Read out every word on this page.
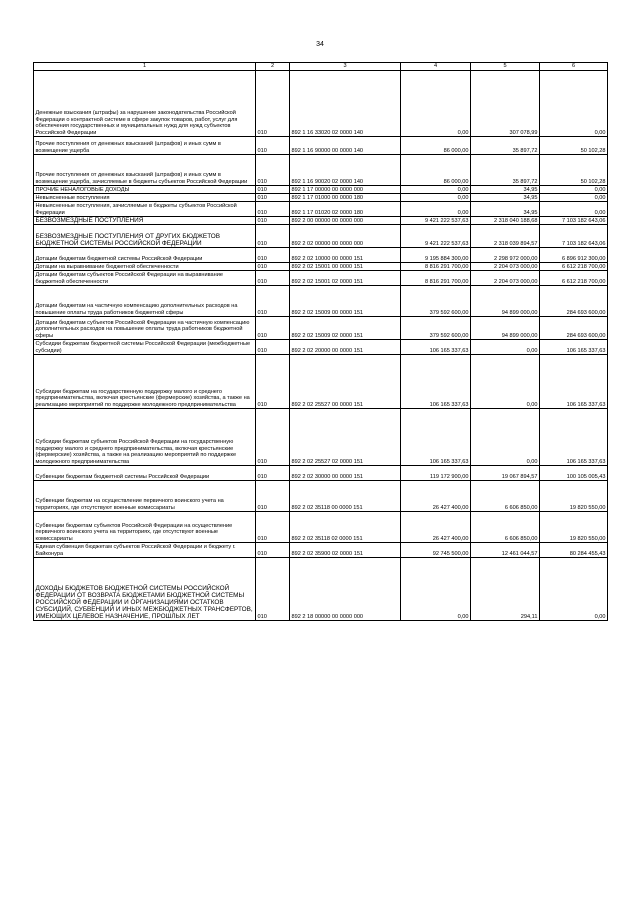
34
1	2	3	4	5	6
Денежные взыскания (штрафы) за нарушение законодательства Российской Федерации о контрактной системе в сфере закупок товаров, работ, услуг для обеспечения государственных и муниципальных нужд для нужд субъектов Российской Федерации	010	892 1 16 33020 02 0000 140	0,00	307 078,99	0,00
Прочие поступления от денежных взысканий (штрафов) и иных сумм в возмещение ущерба	010	892 1 16 90000 00 0000 140	86 000,00	35 897,72	50 102,28
Прочие поступления от денежных взысканий (штрафов) и иных сумм в возмещение ущерба, зачисляемые в бюджеты субъектов Российской Федерации	010	892 1 16 90020 02 0000 140	86 000,00	35 897,72	50 102,28
ПРОЧИЕ НЕНАЛОГОВЫЕ ДОХОДЫ	010	892 1 17 00000 00 0000 000	0,00	34,95	0,00
Невыясненные поступления	010	892 1 17 01000 00 0000 180	0,00	34,95	0,00
Невыясненные поступления, зачисляемые в бюджеты субъектов Российской Федерации	010	892 1 17 01020 02 0000 180	0,00	34,95	0,00
БЕЗВОЗМЕЗДНЫЕ ПОСТУПЛЕНИЯ	010	892 2 00 00000 00 0000 000	9 421 222 537,63	2 318 040 188,68	7 103 182 643,06
БЕЗВОЗМЕЗДНЫЕ ПОСТУПЛЕНИЯ ОТ ДРУГИХ БЮДЖЕТОВ БЮДЖЕТНОЙ СИСТЕМЫ РОССИЙСКОЙ ФЕДЕРАЦИИ	010	892 2 02 00000 00 0000 000	9 421 222 537,63	2 318 039 894,57	7 103 182 643,06
Дотации бюджетам бюджетной системы Российской Федерации	010	892 2 02 10000 00 0000 151	9 195 884 300,00	2 298 972 000,00	6 896 912 300,00
Дотации на выравнивание бюджетной обеспеченности	010	892 2 02 15001 00 0000 151	8 816 291 700,00	2 204 073 000,00	6 612 218 700,00
Дотации бюджетам субъектов Российской Федерации на выравнивание бюджетной обеспеченности	010	892 2 02 15001 02 0000 151	8 816 291 700,00	2 204 073 000,00	6 612 218 700,00
Дотации бюджетам на частичную компенсацию дополнительных расходов на повышение оплаты труда работников бюджетной сферы	010	892 2 02 15009 00 0000 151	379 592 600,00	94 899 000,00	284 693 600,00
Дотации бюджетам субъектов Российской Федерации на частичную компенсацию дополнительных расходов на повышение оплаты труда работников бюджетной сферы	010	892 2 02 15009 02 0000 151	379 592 600,00	94 899 000,00	284 693 600,00
Субсидии бюджетам бюджетной системы Российской Федерации (межбюджетные субсидии)	010	892 2 02 20000 00 0000 151	106 165 337,63	0,00	106 165 337,63
Субсидии бюджетам на государственную поддержку малого и среднего предпринимательства, включая крестьянские (фермерские) хозяйства, а также на реализацию мероприятий по поддержке молодежного предпринимательства	010	892 2 02 25527 00 0000 151	106 165 337,63	0,00	106 165 337,63
Субсидии бюджетам субъектов Российской Федерации на государственную поддержку малого и среднего предпринимательства, включая крестьянские (фермерские) хозяйства, а также на реализацию мероприятий по поддержке молодежного предпринимательства	010	892 2 02 25527 02 0000 151	106 165 337,63	0,00	106 165 337,63
Субвенции бюджетам бюджетной системы Российской Федерации	010	892 2 02 30000 00 0000 151	119 172 900,00	19 067 894,57	100 105 005,43
Субвенции бюджетам на осуществление первичного воинского учета на территориях, где отсутствуют военные комиссариаты	010	892 2 02 35118 00 0000 151	26 427 400,00	6 606 850,00	19 820 550,00
Субвенции бюджетам субъектов Российской Федерации на осуществление первичного воинского учета на территориях, где отсутствуют военные комиссариаты	010	892 2 02 35118 02 0000 151	26 427 400,00	6 606 850,00	19 820 550,00
Единая субвенция бюджетам субъектов Российской Федерации и бюджету г. Байконура	010	892 2 02 35900 02 0000 151	92 745 500,00	12 461 044,57	80 284 455,43
ДОХОДЫ БЮДЖЕТОВ БЮДЖЕТНОЙ СИСТЕМЫ РОССИЙСКОЙ ФЕДЕРАЦИИ ОТ ВОЗВРАТА БЮДЖЕТАМИ БЮДЖЕТНОЙ СИСТЕМЫ РОССИЙСКОЙ ФЕДЕРАЦИИ И ОРГАНИЗАЦИЯМИ ОСТАТКОВ СУБСИДИЙ, СУБВЕНЦИЙ И ИНЫХ МЕЖБЮДЖЕТНЫХ ТРАНСФЕРТОВ, ИМЕЮЩИХ ЦЕЛЕВОЕ НАЗНАЧЕНИЕ, ПРОШЛЫХ ЛЕТ	010	892 2 18 00000 00 0000 000	0,00	294,11	0,00
